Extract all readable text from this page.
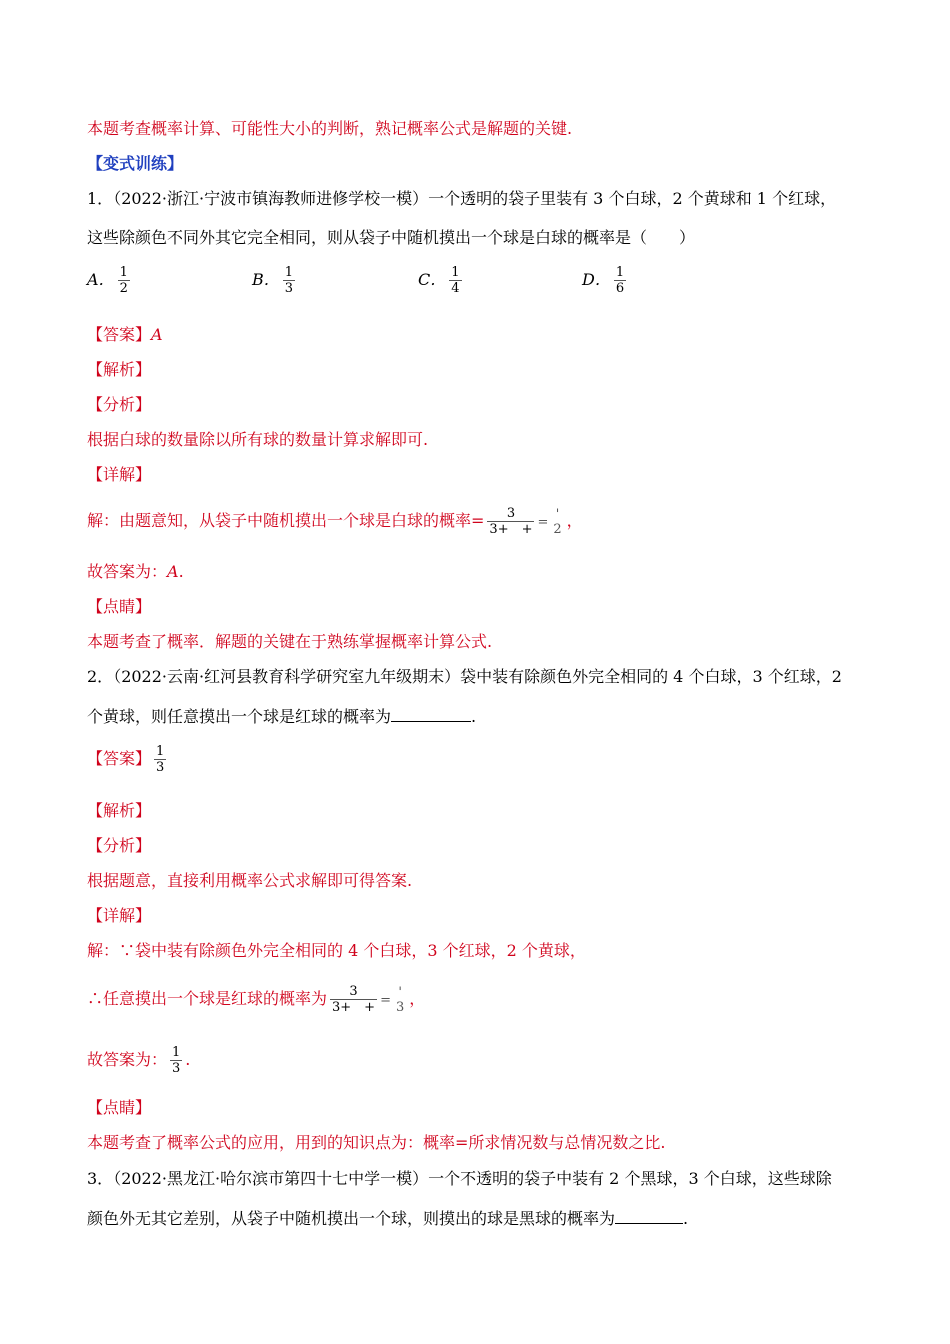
本题考查概率计算、可能性大小的判断，熟记概率公式是解题的关键.
【变式训练】
1．（2022·浙江·宁波市镇海教师进修学校一模）一个透明的袋子里装有 3 个白球，2 个黄球和 1 个红球，
这些除颜色不同外其它完全相同，则从袋子中随机摸出一个球是白球的概率是（　　）
A． $\frac{1}{2}$	B． $\frac{1}{3}$	C． $\frac{1}{4}$	D． $\frac{1}{6}$
【答案】A
【解析】
【分析】
根据白球的数量除以所有球的数量计算求解即可.
【详解】
解：由题意知，从袋子中随机摸出一个球是白球的概率= $\frac{3}{3+ +}$ =
'
2 ，
故答案为：A.
【点睛】
本题考查了概率．解题的关键在于熟练掌握概率计算公式.
2．（2022·云南·红河县教育科学研究室九年级期末）袋中装有除颜色外完全相同的 4 个白球，3 个红球，2
个黄球，则任意摸出一个球是红球的概率为	.
【答案】 $\frac{1}{3}$
【解析】
【分析】
根据题意，直接利用概率公式求解即可得答案.
【详解】
解：∵袋中装有除颜色外完全相同的 4 个白球，3 个红球，2 个黄球，
∴任意摸出一个球是红球的概率为 $\frac{3}{3+ +}$ =
'
3 ，
故答案为： $\frac{1}{3}$ .
【点睛】
本题考查了概率公式的应用，用到的知识点为：概率=所求情况数与总情况数之比.
3．（2022·黑龙江·哈尔滨市第四十七中学一模）一个不透明的袋子中装有 2 个黑球，3 个白球，这些球除
颜色外无其它差别，从袋子中随机摸出一个球，则摸出的球是黑球的概率为	.
